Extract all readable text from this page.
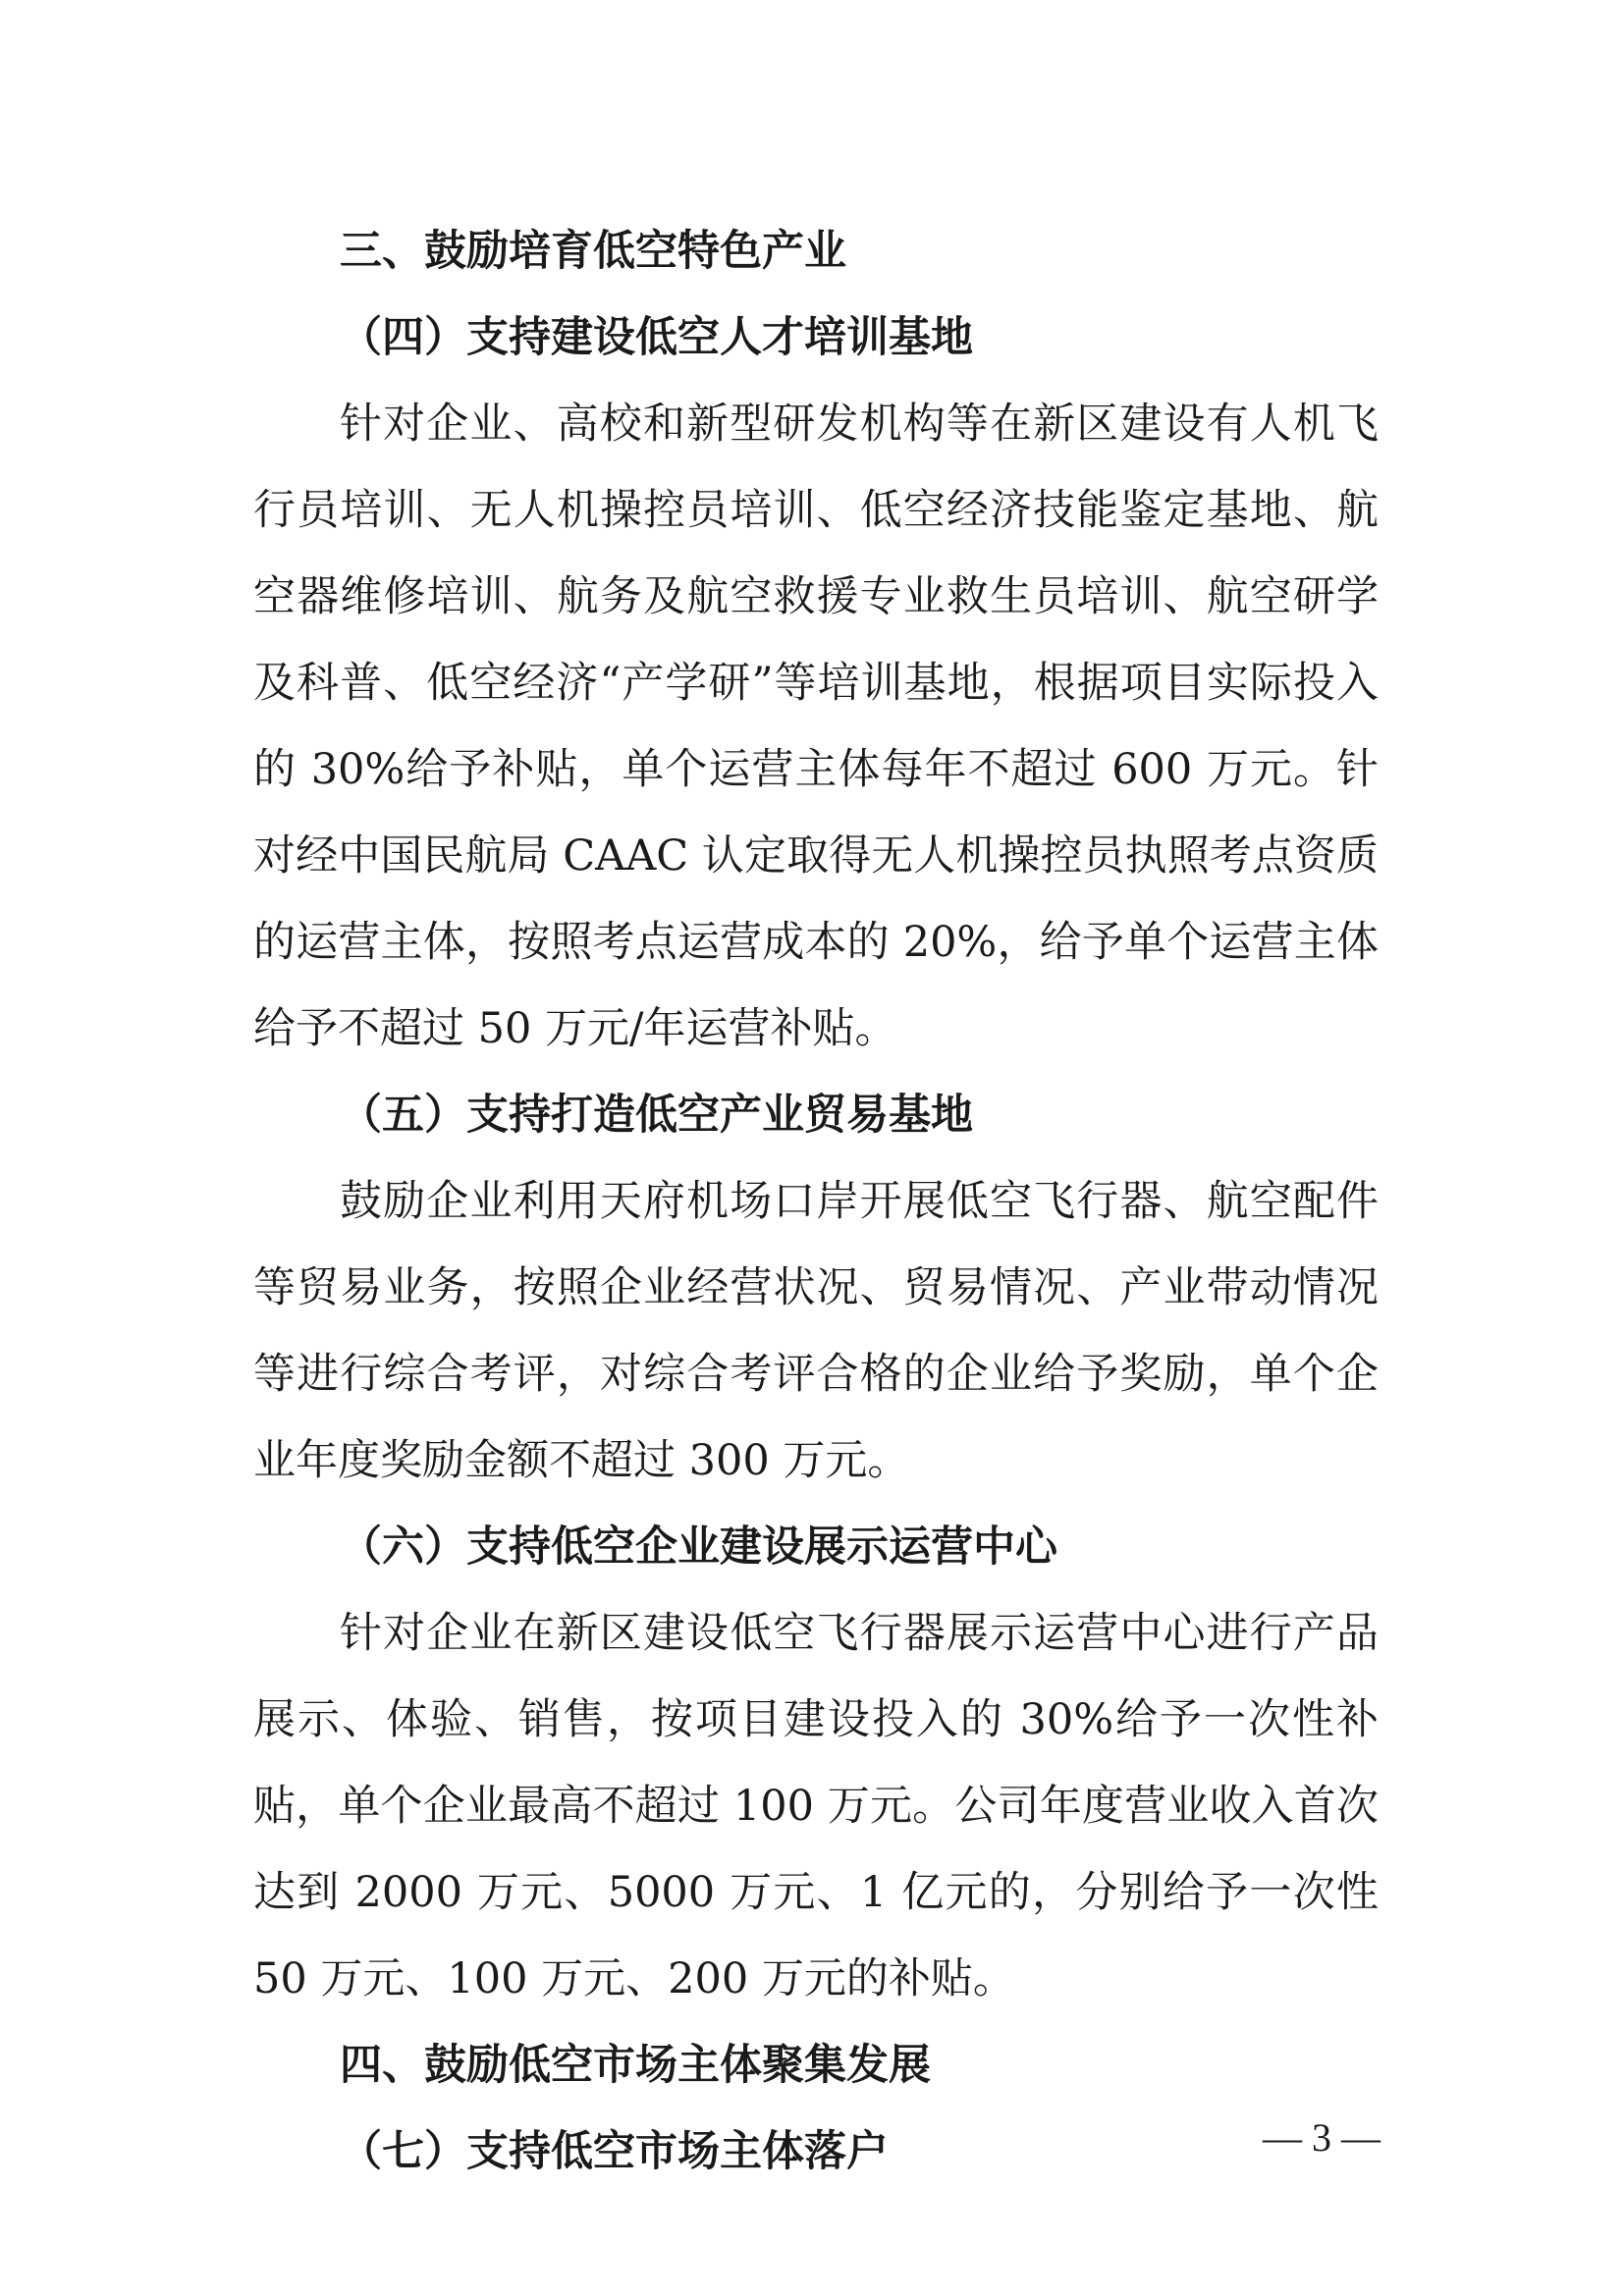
三、鼓励培育低空特色产业
（四）支持建设低空人才培训基地

针对企业、高校和新型研发机构等在新区建设有人机飞行员培训、无人机操控员培训、低空经济技能鉴定基地、航空器维修培训、航务及航空救援专业救生员培训、航空研学及科普、低空经济“产学研”等培训基地，根据项目实际投入的 30%给予补贴，单个运营主体每年不超过 600 万元。针对经中国民航局 CAAC 认定取得无人机操控员执照考点资质的运营主体，按照考点运营成本的 20%，给予单个运营主体给予不超过 50 万元/年运营补贴。

（五）支持打造低空产业贸易基地

鼓励企业利用天府机场口岸开展低空飞行器、航空配件等贸易业务，按照企业经营状况、贸易情况、产业带动情况等进行综合考评，对综合考评合格的企业给予奖励，单个企业年度奖励金额不超过 300 万元。

（六）支持低空企业建设展示运营中心

针对企业在新区建设低空飞行器展示运营中心进行产品展示、体验、销售，按项目建设投入的 30%给予一次性补贴，单个企业最高不超过 100 万元。公司年度营业收入首次达到 2000 万元、5000 万元、1 亿元的，分别给予一次性 50 万元、100 万元、200 万元的补贴。

四、鼓励低空市场主体聚集发展
（七）支持低空市场主体落户	— 3 —
